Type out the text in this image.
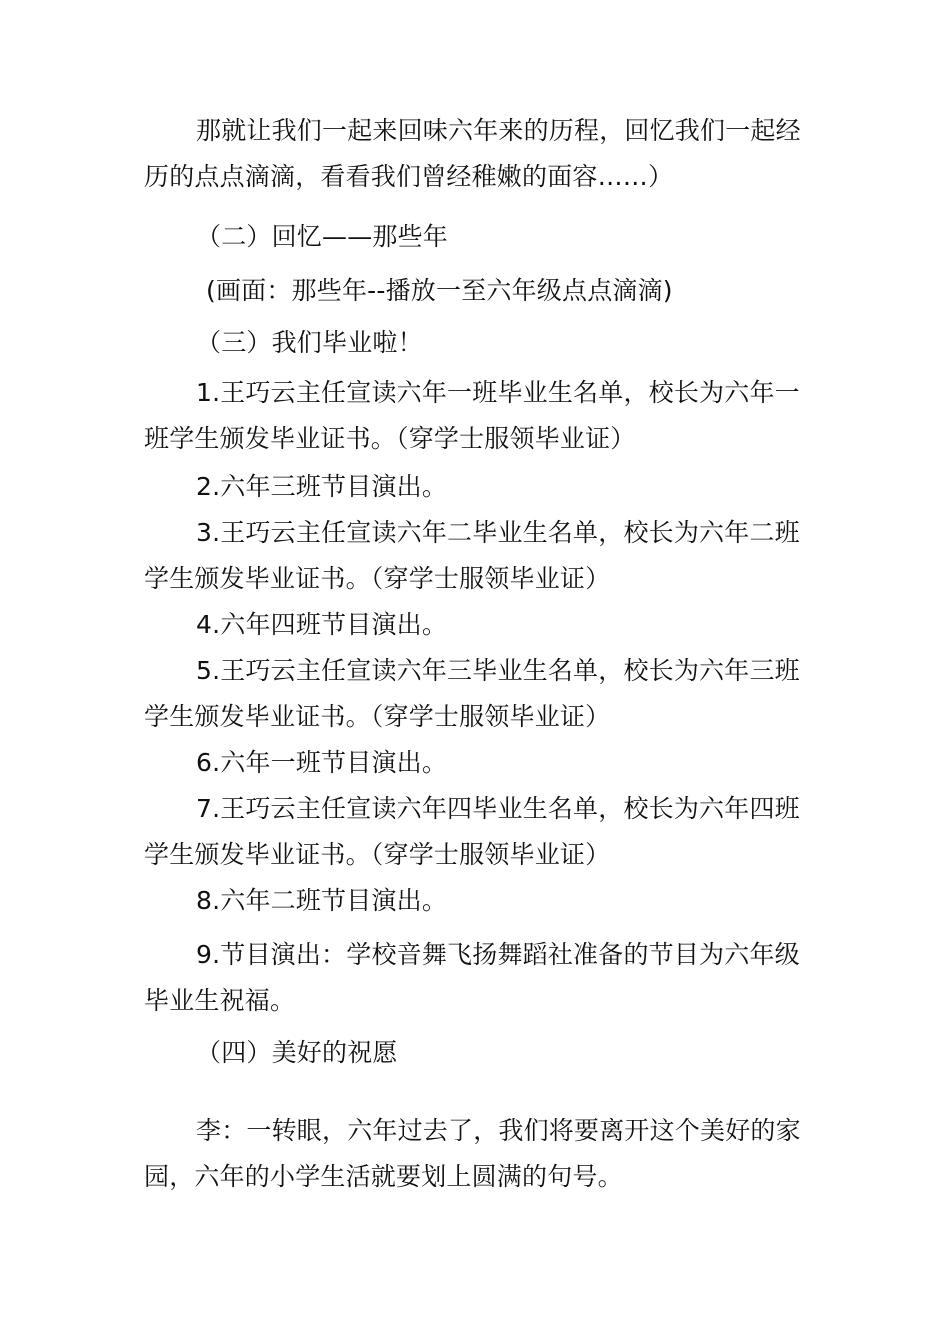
那就让我们一起来回味六年来的历程，回忆我们一起经历的点点滴滴，看看我们曾经稚嫩的面容……）
（二）回忆——那些年
(画面：那些年--播放一至六年级点点滴滴)
（三）我们毕业啦！
1.王巧云主任宣读六年一班毕业生名单，校长为六年一班学生颁发毕业证书。（穿学士服领毕业证）
2.六年三班节目演出。
3.王巧云主任宣读六年二毕业生名单，校长为六年二班学生颁发毕业证书。（穿学士服领毕业证）
4.六年四班节目演出。
5.王巧云主任宣读六年三毕业生名单，校长为六年三班学生颁发毕业证书。（穿学士服领毕业证）
6.六年一班节目演出。
7.王巧云主任宣读六年四毕业生名单，校长为六年四班学生颁发毕业证书。（穿学士服领毕业证）
8.六年二班节目演出。
9.节目演出：学校音舞飞扬舞蹈社准备的节目为六年级毕业生祝福。
（四）美好的祝愿
李：一转眼，六年过去了，我们将要离开这个美好的家园，六年的小学生活就要划上圆满的句号。
